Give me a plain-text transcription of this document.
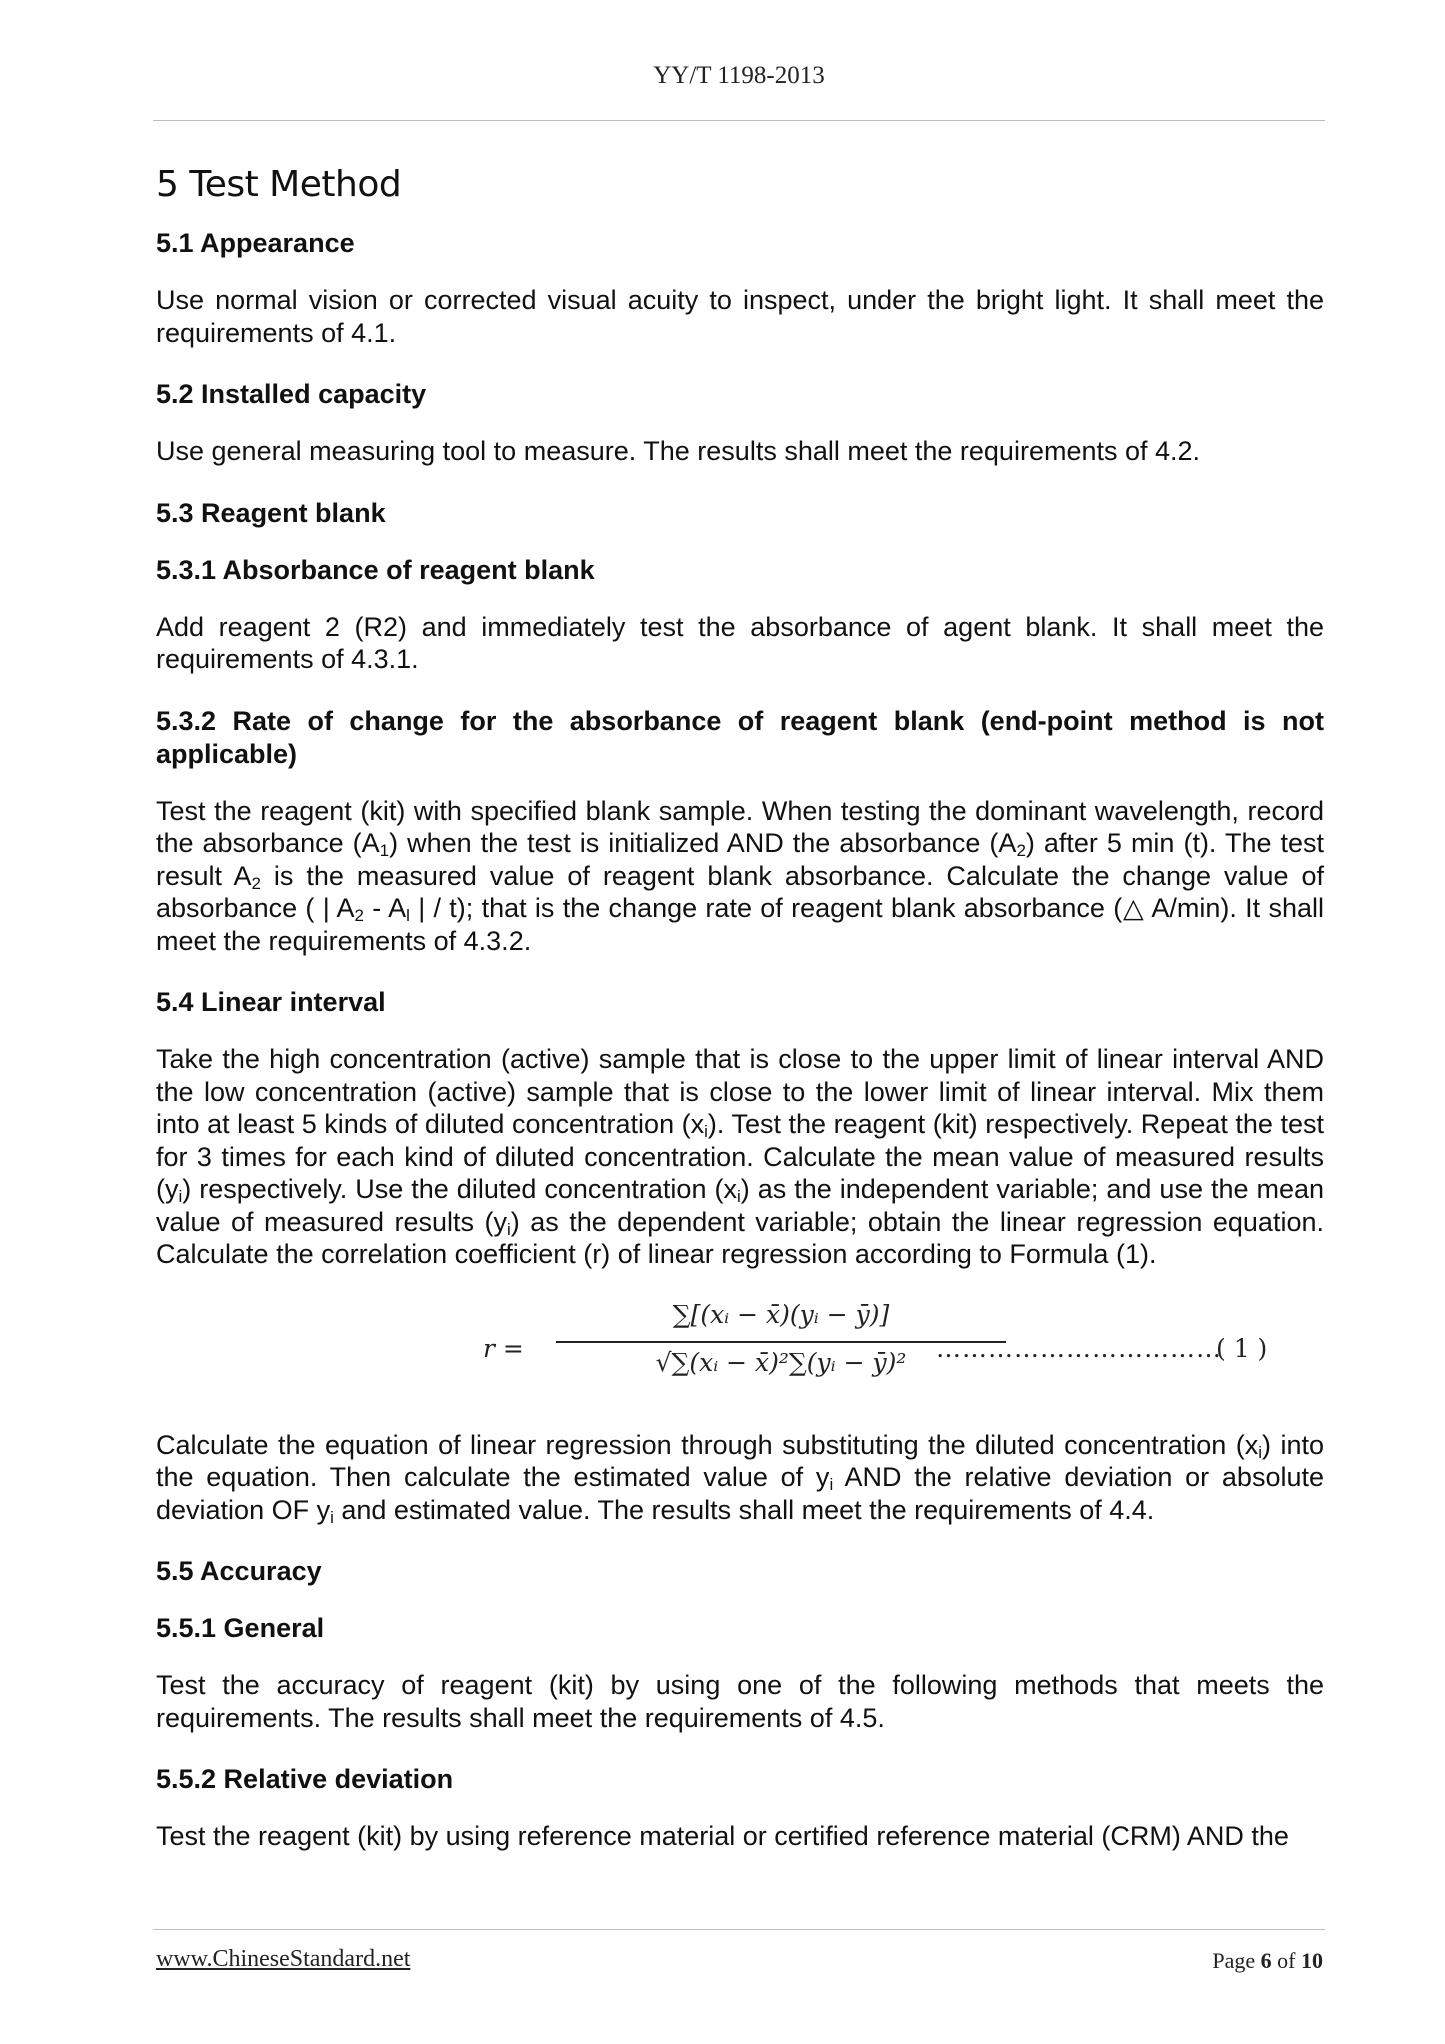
YY/T 1198-2013
5 Test Method
5.1 Appearance
Use normal vision or corrected visual acuity to inspect, under the bright light. It shall meet the requirements of 4.1.
5.2 Installed capacity
Use general measuring tool to measure. The results shall meet the requirements of 4.2.
5.3 Reagent blank
5.3.1 Absorbance of reagent blank
Add reagent 2 (R2) and immediately test the absorbance of agent blank. It shall meet the requirements of 4.3.1.
5.3.2 Rate of change for the absorbance of reagent blank (end-point method is not applicable)
Test the reagent (kit) with specified blank sample. When testing the dominant wavelength, record the absorbance $(A_1)$ when the test is initialized AND the absorbance $(A_2)$ after 5 min (t). The test result $A_2$ is the measured value of reagent blank absorbance. Calculate the change value of absorbance ( | $A_2 - A_l$ | / t); that is the change rate of reagent blank absorbance (△ A/min). It shall meet the requirements of 4.3.2.
5.4 Linear interval
Take the high concentration (active) sample that is close to the upper limit of linear interval AND the low concentration (active) sample that is close to the lower limit of linear interval. Mix them into at least 5 kinds of diluted concentration $(x_i)$. Test the reagent (kit) respectively. Repeat the test for 3 times for each kind of diluted concentration. Calculate the mean value of measured results $(y_i)$ respectively. Use the diluted concentration $(x_i)$ as the independent variable; and use the mean value of measured results $(y_i)$ as the dependent variable; obtain the linear regression equation. Calculate the correlation coefficient (r) of linear regression according to Formula (1).
r =
∑[(xᵢ − x̄)(yᵢ − ȳ)]
√∑(xᵢ − x̄)²∑(yᵢ − ȳ)²	……………………………
( 1 )
Calculate the equation of linear regression through substituting the diluted concentration $(x_i)$ into the equation. Then calculate the estimated value of $y_i$ AND the relative deviation or absolute deviation OF $y_i$ and estimated value. The results shall meet the requirements of 4.4.
5.5 Accuracy
5.5.1 General
Test the accuracy of reagent (kit) by using one of the following methods that meets the requirements. The results shall meet the requirements of 4.5.
5.5.2 Relative deviation
Test the reagent (kit) by using reference material or certified reference material (CRM) AND the
www.ChineseStandard.net	Page 6 of 10
